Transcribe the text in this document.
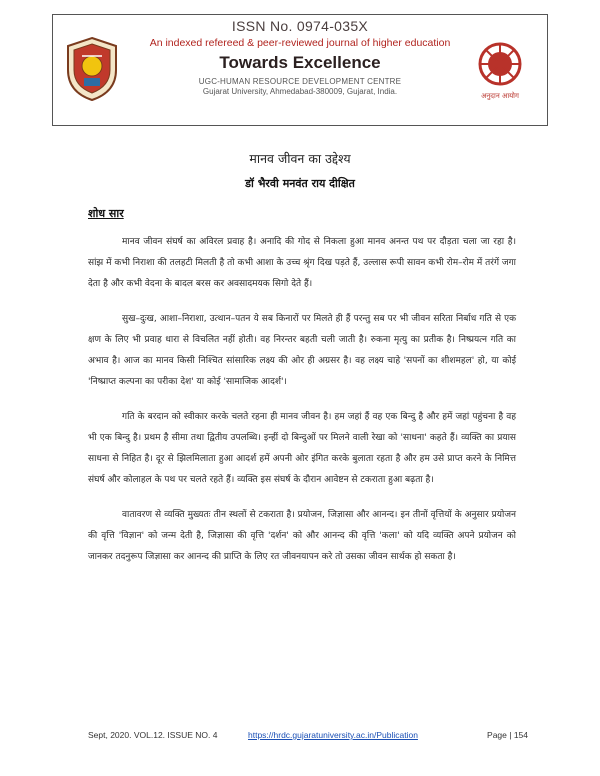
अनुदान आयोग
ISSN No. 0974-035X
An indexed refereed & peer-reviewed journal of higher education
Towards Excellence
UGC-HUMAN RESOURCE DEVELOPMENT CENTRE
Gujarat University, Ahmedabad-380009, Gujarat, India.
मानव जीवन का उद्देश्य
डॉ भैरवी मनवंत राय दीक्षित
शोध सार

मानव जीवन संघर्ष का अविरल प्रवाह है। अनादि की गोद से निकला हुआ मानव अनन्त पथ पर दौड़ता चला जा रहा है। सांझ में कभी निराशा की तलहटी मिलती है तो कभी आशा के उच्च श्रृंग दिख पड़ते हैं, उल्लास रूपी सावन कभी रोम–रोम में तरंगें जगा देता है और कभी वेदना के बादल बरस कर अवसादमयक सिगो देते हैं।

सुख–दुःख, आशा–निराशा, उत्थान–पतन ये सब किनारों पर मिलते ही हैं परन्तु सब पर भी जीवन सरिता निर्बाध गति से एक क्षण के लिए भी प्रवाह धारा से विचलित नहीं होती। वह निरन्तर बहती चली जाती है। रुकना मृत्यु का प्रतीक है। निष्प्रयत्न गति का अभाव है। आज का मानव किसी निश्चित सांसारिक लक्ष्य की ओर ही अग्रसर है। वह लक्ष्य चाहे 'सपनों का शीशमहल' हो, या कोई 'निष्प्राप्त कल्पना का परीका देश' या कोई 'सामाजिक आदर्श'।

गति के बरदान को स्वीकार करके चलते रहना ही मानव जीवन है। हम जहां हैं वह एक बिन्दु है और हमें जहां पहुंचना है वह भी एक बिन्दु है। प्रथम है सीमा तथा द्वितीय उपलब्धि। इन्हीं दो बिन्दुओं पर मिलने वाली रेखा को 'साधना' कहते हैं। व्यक्ति का प्रयास साधना से निहित है। दूर से झिलमिलाता हुआ आदर्श हमें अपनी ओर इंगित करके बुलाता रहता है और हम उसे प्राप्त करने के निमित्त संघर्ष और कोलाहल के पथ पर चलते रहते हैं। व्यक्ति इस संघर्ष के दौरान आवेष्टन से टकराता हुआ बढ़ता है।

वातावरण से व्यक्ति मुख्यतः तीन स्थलों से टकराता है। प्रयोजन, जिज्ञासा और आनन्द। इन तीनों वृत्तियों के अनुसार प्रयोजन की वृत्ति 'विज्ञान' को जन्म देती है, जिज्ञासा की वृत्ति 'दर्शन' को और आनन्द की वृत्ति 'कला' को यदि व्यक्ति अपने प्रयोजन को जानकर तदनुरूप जिज्ञासा कर आनन्द की प्राप्ति के लिए रत जीवनयापन करे तो उसका जीवन सार्थक हो सकता है।

Sept, 2020. VOL.12. ISSUE NO. 4	https://hrdc.gujaratuniversity.ac.in/Publication	Page | 154
